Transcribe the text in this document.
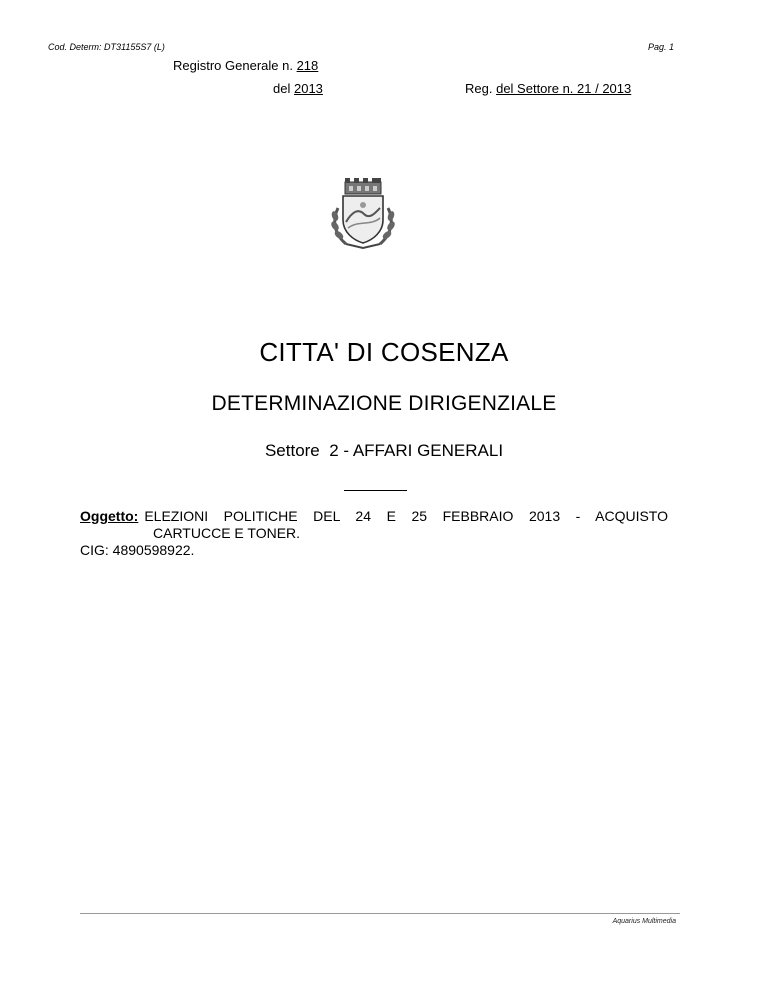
Cod. Determ: DT31155S7 (L)	Pag. 1
Registro Generale n. 218
del 2013	Reg. del Settore n. 21 / 2013
CITTA' DI COSENZA
DETERMINAZIONE DIRIGENZIALE
Settore  2 - AFFARI GENERALI
Oggetto: ELEZIONI POLITICHE DEL 24 E 25 FEBBRAIO 2013 - ACQUISTO
CARTUCCE E TONER.
CIG: 4890598922.
Aquarius Multimedia
